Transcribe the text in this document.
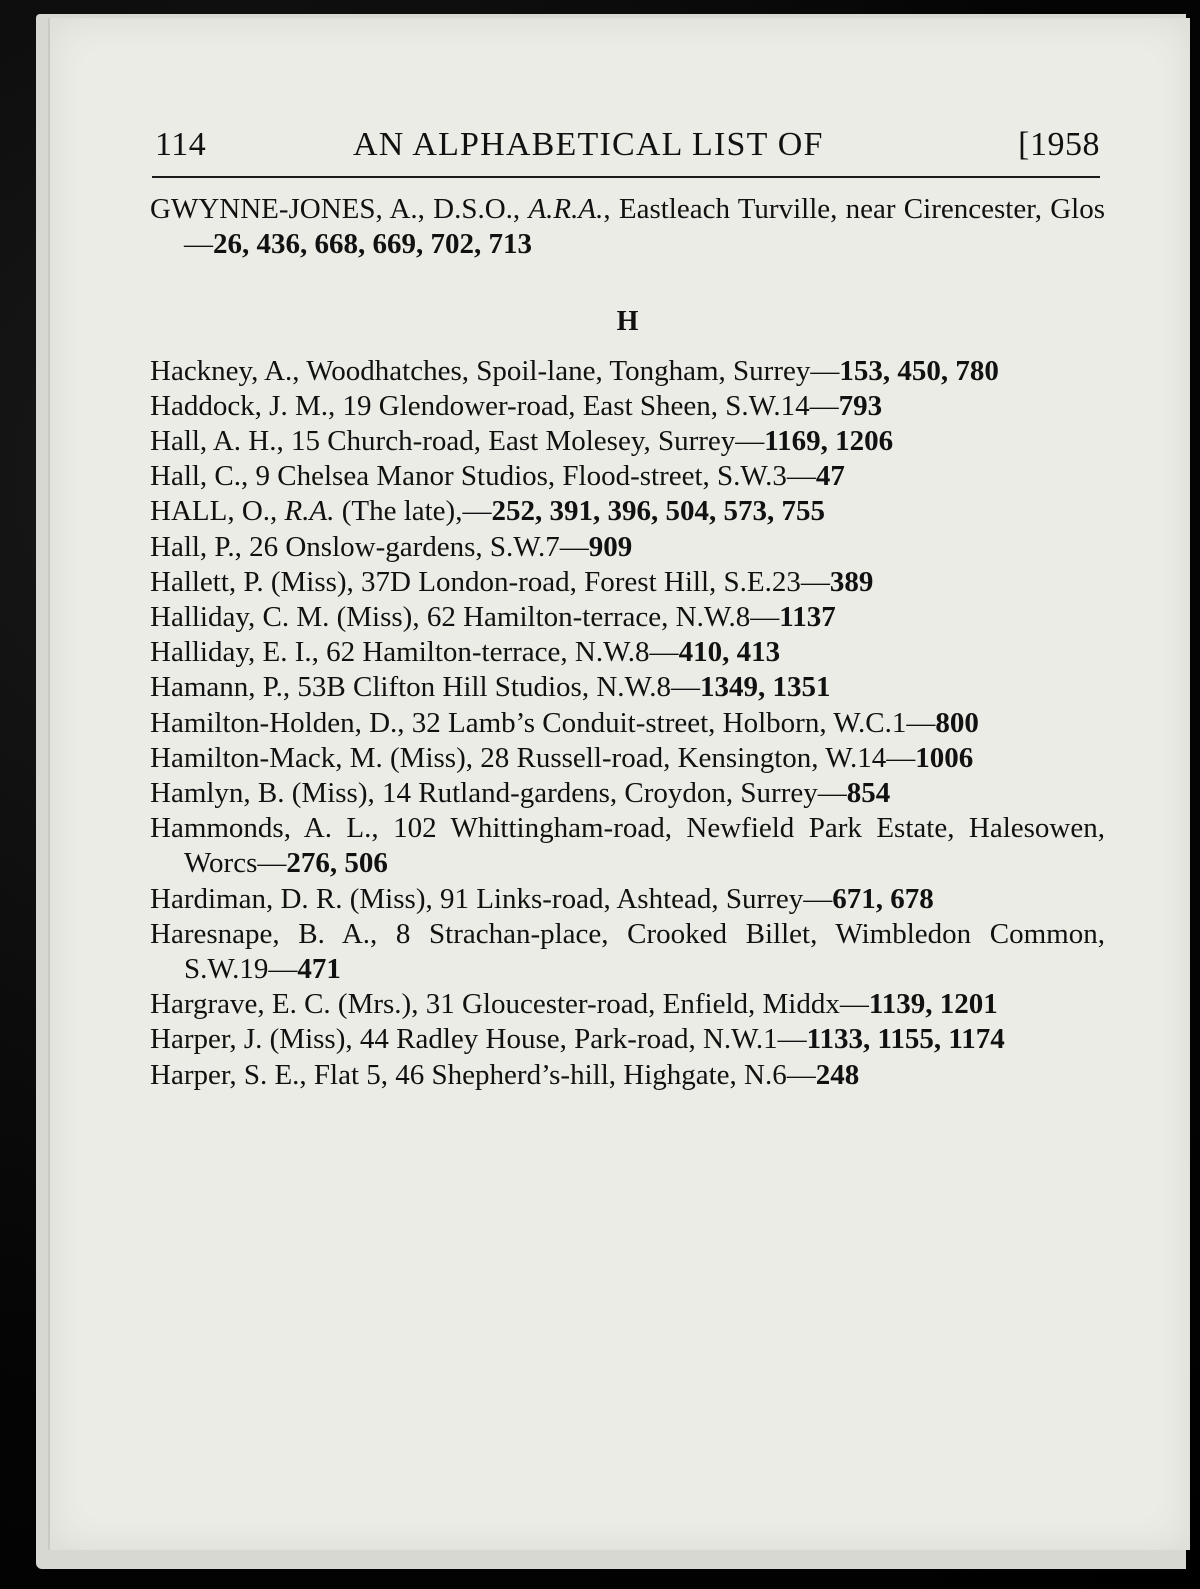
114	AN ALPHABETICAL LIST OF	[1958

GWYNNE-JONES, A., D.S.O., A.R.A., Eastleach Turville, near Cirencester, Glos—26, 436, 668, 669, 702, 713

H

Hackney, A., Woodhatches, Spoil-lane, Tongham, Surrey—153, 450, 780

Haddock, J. M., 19 Glendower-road, East Sheen, S.W.14—793

Hall, A. H., 15 Church-road, East Molesey, Surrey—1169, 1206

Hall, C., 9 Chelsea Manor Studios, Flood-street, S.W.3—47

HALL, O., R.A. (The late),—252, 391, 396, 504, 573, 755

Hall, P., 26 Onslow-gardens, S.W.7—909

Hallett, P. (Miss), 37D London-road, Forest Hill, S.E.23—389

Halliday, C. M. (Miss), 62 Hamilton-terrace, N.W.8—1137

Halliday, E. I., 62 Hamilton-terrace, N.W.8—410, 413

Hamann, P., 53B Clifton Hill Studios, N.W.8—1349, 1351

Hamilton-Holden, D., 32 Lamb’s Conduit-street, Holborn, W.C.1—800

Hamilton-Mack, M. (Miss), 28 Russell-road, Kensington, W.14—1006

Hamlyn, B. (Miss), 14 Rutland-gardens, Croydon, Surrey—854

Hammonds, A. L., 102 Whittingham-road, Newfield Park Estate, Halesowen, Worcs—276, 506

Hardiman, D. R. (Miss), 91 Links-road, Ashtead, Surrey—671, 678

Haresnape, B. A., 8 Strachan-place, Crooked Billet, Wimbledon Common, S.W.19—471

Hargrave, E. C. (Mrs.), 31 Gloucester-road, Enfield, Middx—1139, 1201

Harper, J. (Miss), 44 Radley House, Park-road, N.W.1—1133, 1155, 1174

Harper, S. E., Flat 5, 46 Shepherd’s-hill, Highgate, N.6—248
